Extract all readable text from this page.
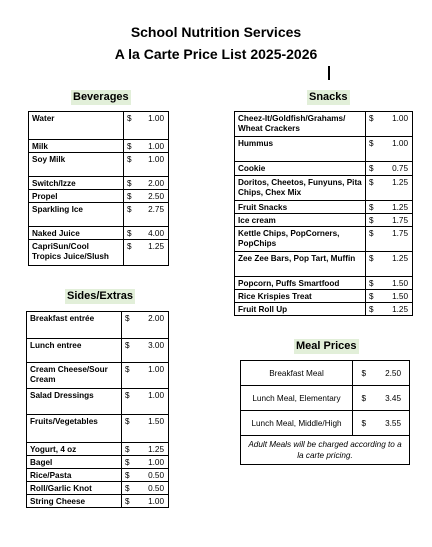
School Nutrition Services
A la Carte Price List 2025-2026
Beverages
Water	$	1.00
Milk	$	1.00
Soy Milk	$	1.00
Switch/Izze	$	2.00
Propel	$	2.50
Sparkling Ice	$	2.75
Naked Juice	$	4.00
CapriSun/Cool Tropics Juice/Slush	$	1.25
Sides/Extras
Breakfast entrée	$	2.00
Lunch entree	$	3.00
Cream Cheese/Sour Cream	$	1.00
Salad Dressings	$	1.00
Fruits/Vegetables	$	1.50
Yogurt, 4 oz	$	1.25
Bagel	$	1.00
Rice/Pasta	$	0.50
Roll/Garlic Knot	$	0.50
String Cheese	$	1.00
Snacks
Cheez-It/Goldfish/Grahams/ Wheat Crackers	$	1.00
Hummus	$	1.00
Cookie	$	0.75
Doritos, Cheetos, Funyuns, Pita Chips, Chex Mix	$	1.25
Fruit Snacks	$	1.25
Ice cream	$	1.75
Kettle Chips, PopCorners, PopChips	$	1.75
Zee Zee Bars, Pop Tart, Muffin	$	1.25
Popcorn, Puffs Smartfood	$	1.50
Rice Krispies Treat	$	1.50
Fruit Roll Up	$	1.25
Meal Prices
Breakfast Meal	$	2.50
Lunch Meal, Elementary	$	3.45
Lunch Meal, Middle/High	$	3.55
Adult Meals will be charged according to a la carte pricing.		
